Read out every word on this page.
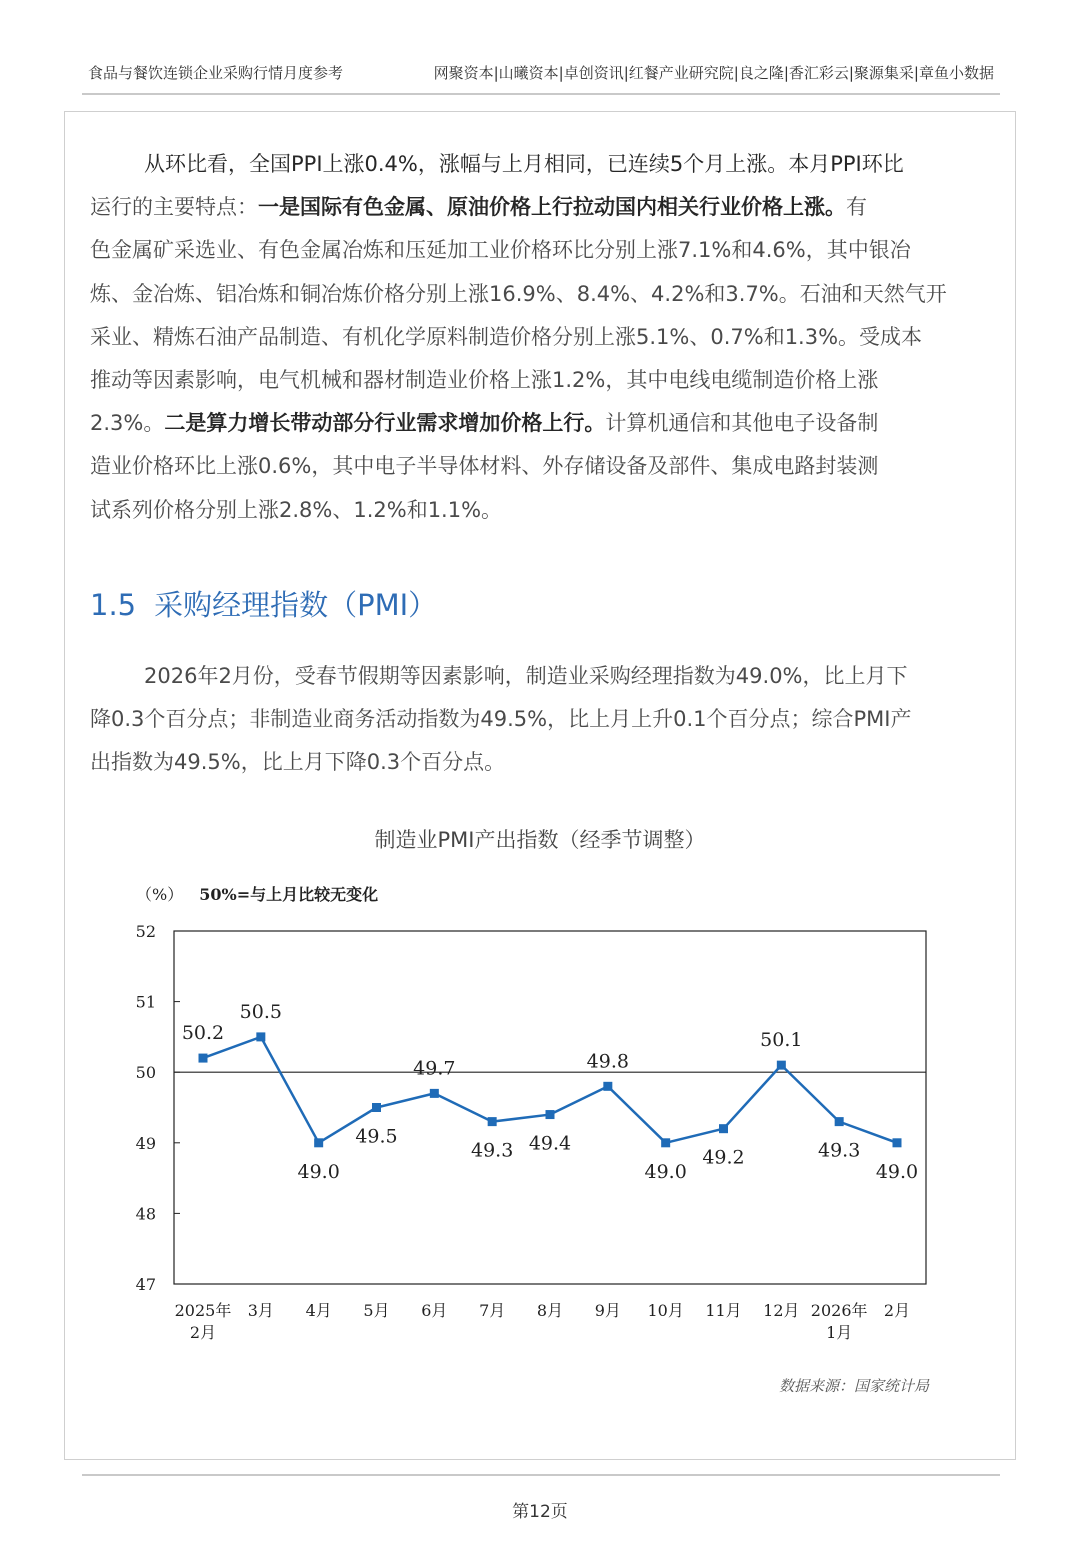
食品与餐饮连锁企业采购行情月度参考	网聚资本|山曦资本|卓创资讯|红餐产业研究院|良之隆|香汇彩云|聚源集采|章鱼小数据
从环比看，全国PPI上涨0.4%，涨幅与上月相同，已连续5个月上涨。本月PPI环比
运行的主要特点：一是国际有色金属、原油价格上行拉动国内相关行业价格上涨。有
色金属矿采选业、有色金属冶炼和压延加工业价格环比分别上涨7.1%和4.6%，其中银冶
炼、金冶炼、铝冶炼和铜冶炼价格分别上涨16.9%、8.4%、4.2%和3.7%。石油和天然气开
采业、精炼石油产品制造、有机化学原料制造价格分别上涨5.1%、0.7%和1.3%。受成本
推动等因素影响，电气机械和器材制造业价格上涨1.2%，其中电线电缆制造价格上涨
2.3%。二是算力增长带动部分行业需求增加价格上行。计算机通信和其他电子设备制
造业价格环比上涨0.6%，其中电子半导体材料、外存储设备及部件、集成电路封装测
试系列价格分别上涨2.8%、1.2%和1.1%。
1.5 采购经理指数（PMI）
2026年2月份，受春节假期等因素影响，制造业采购经理指数为49.0%，比上月下
降0.3个百分点；非制造业商务活动指数为49.5%，比上月上升0.1个百分点；综合PMI产
出指数为49.5%，比上月下降0.3个百分点。
制造业PMI产出指数（经季节调整）
（%） 50%=与上月比较无变化
47
48
49
50
51
52
2025年
2月
3月 4月 5月 6月 7月 8月 9月 10月 11月 12月 2026年
1月
2月
50.2
50.5
49.0
49.5
49.7
49.3 49.4
49.8
49.0
49.2
50.1
49.3
49.0
数据来源：国家统计局
第12页
